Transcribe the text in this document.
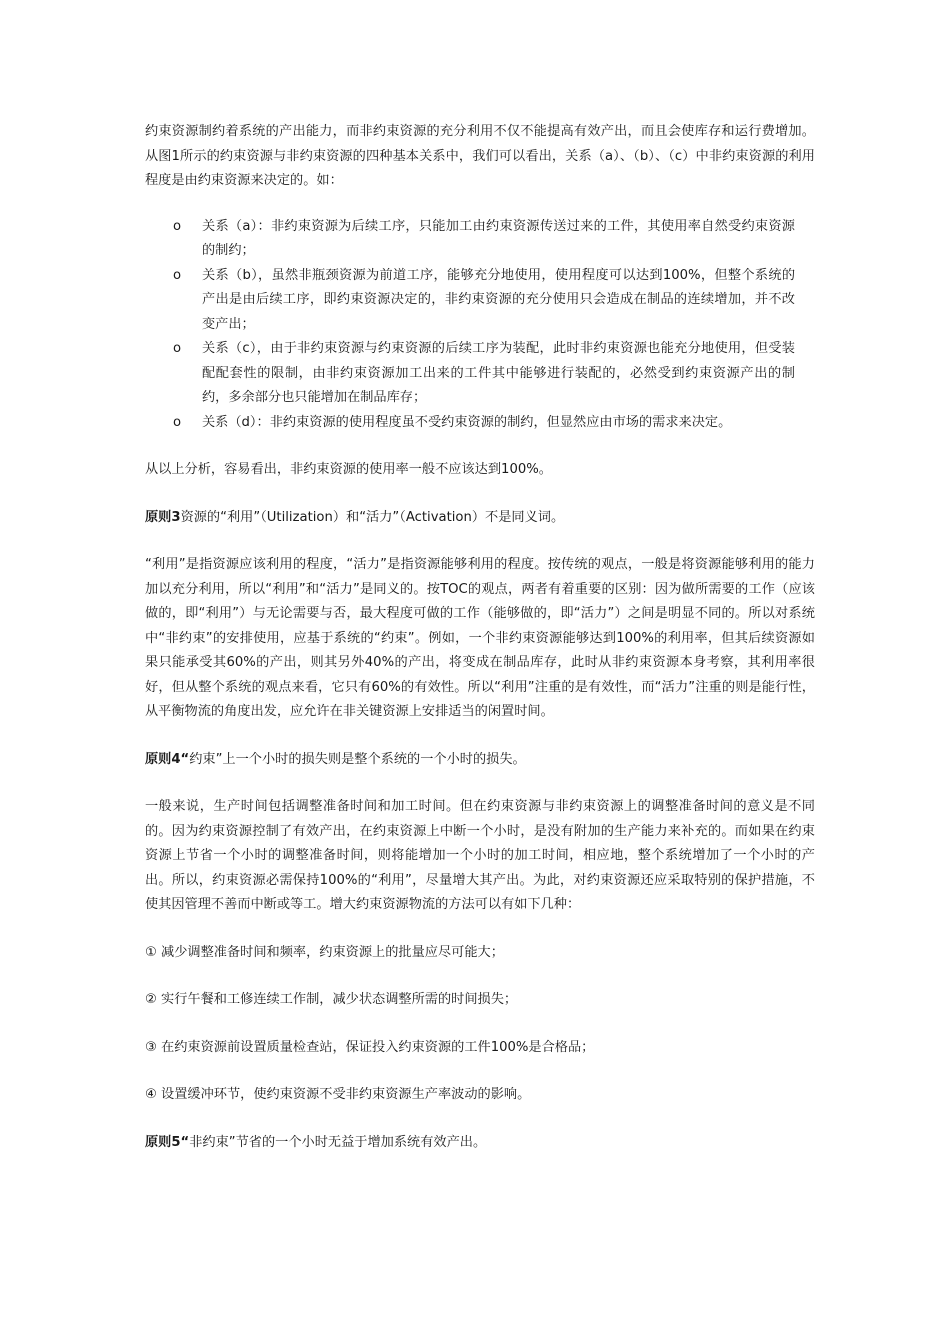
约束资源制约着系统的产出能力，而非约束资源的充分利用不仅不能提高有效产出，而且会使库存和运行费增加。从图1所示的约束资源与非约束资源的四种基本关系中，我们可以看出，关系（a）、（b）、（c）中非约束资源的利用程度是由约束资源来决定的。如：

o 关系（a）：非约束资源为后续工序，只能加工由约束资源传送过来的工件，其使用率自然受约束资源的制约；
o 关系（b），虽然非瓶颈资源为前道工序，能够充分地使用，使用程度可以达到100%，但整个系统的产出是由后续工序，即约束资源决定的，非约束资源的充分使用只会造成在制品的连续增加，并不改变产出；
o 关系（c），由于非约束资源与约束资源的后续工序为装配，此时非约束资源也能充分地使用，但受装配配套性的限制，由非约束资源加工出来的工件其中能够进行装配的，必然受到约束资源产出的制约，多余部分也只能增加在制品库存；
o 关系（d）：非约束资源的使用程度虽不受约束资源的制约，但显然应由市场的需求来决定。

从以上分析，容易看出，非约束资源的使用率一般不应该达到100%。

原则3资源的“利用”（Utilization）和“活力”（Activation）不是同义词。

“利用”是指资源应该利用的程度，“活力”是指资源能够利用的程度。按传统的观点，一般是将资源能够利用的能力加以充分利用，所以“利用”和“活力”是同义的。按TOC的观点，两者有着重要的区别：因为做所需要的工作（应该做的，即“利用”）与无论需要与否，最大程度可做的工作（能够做的，即“活力”）之间是明显不同的。所以对系统中“非约束”的安排使用，应基于系统的“约束”。例如，一个非约束资源能够达到100%的利用率，但其后续资源如果只能承受其60%的产出，则其另外40%的产出，将变成在制品库存，此时从非约束资源本身考察，其利用率很好，但从整个系统的观点来看，它只有60%的有效性。所以“利用”注重的是有效性，而“活力”注重的则是能行性，从平衡物流的角度出发，应允许在非关键资源上安排适当的闲置时间。

原则4“约束”上一个小时的损失则是整个系统的一个小时的损失。

一般来说，生产时间包括调整准备时间和加工时间。但在约束资源与非约束资源上的调整准备时间的意义是不同的。因为约束资源控制了有效产出，在约束资源上中断一个小时，是没有附加的生产能力来补充的。而如果在约束资源上节省一个小时的调整准备时间，则将能增加一个小时的加工时间，相应地，整个系统增加了一个小时的产出。所以，约束资源必需保持100%的“利用”，尽量增大其产出。为此，对约束资源还应采取特别的保护措施，不使其因管理不善而中断或等工。增大约束资源物流的方法可以有如下几种：

① 减少调整准备时间和频率，约束资源上的批量应尽可能大；

② 实行午餐和工修连续工作制，减少状态调整所需的时间损失；

③ 在约束资源前设置质量检查站，保证投入约束资源的工件100%是合格品；

④ 设置缓冲环节，使约束资源不受非约束资源生产率波动的影响。

原则5“非约束”节省的一个小时无益于增加系统有效产出。
